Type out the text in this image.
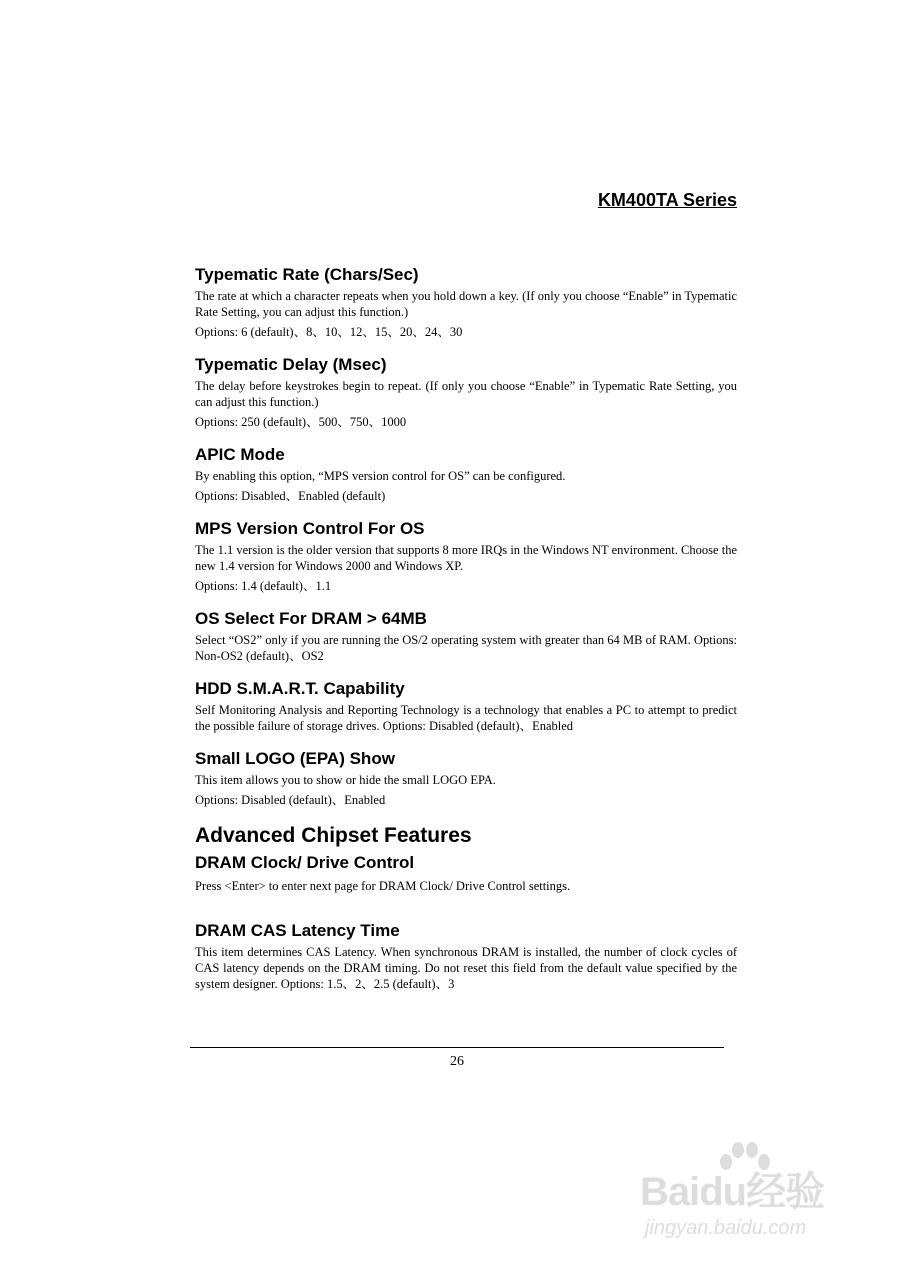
KM400TA Series
Typematic Rate (Chars/Sec)

The rate at which a character repeats when you hold down a key. (If only you choose “Enable” in Typematic Rate Setting, you can adjust this function.)

Options: 6 (default)、8、10、12、15、20、24、30

Typematic Delay (Msec)

The delay before keystrokes begin to repeat. (If only you choose “Enable” in Typematic Rate Setting, you can adjust this function.)

Options: 250 (default)、500、750、1000

APIC Mode

By enabling this option, “MPS version control for OS” can be configured.

Options: Disabled、Enabled (default)

MPS Version Control For OS

The 1.1 version is the older version that supports 8 more IRQs in the Windows NT environment. Choose the new 1.4 version for Windows 2000 and Windows XP.

Options: 1.4 (default)、1.1

OS Select For DRAM > 64MB

Select “OS2” only if you are running the OS/2 operating system with greater than 64 MB of RAM. Options: Non-OS2 (default)、OS2

HDD S.M.A.R.T. Capability

Self Monitoring Analysis and Reporting Technology is a technology that enables a PC to attempt to predict the possible failure of storage drives. Options: Disabled (default)、Enabled

Small LOGO (EPA) Show

This item allows you to show or hide the small LOGO EPA.

Options: Disabled (default)、Enabled

Advanced Chipset Features
DRAM Clock/ Drive Control

Press <Enter> to enter next page for DRAM Clock/ Drive Control settings.

DRAM CAS Latency Time

This item determines CAS Latency. When synchronous DRAM is installed, the number of clock cycles of CAS latency depends on the DRAM timing. Do not reset this field from the default value specified by the system designer. Options: 1.5、2、2.5 (default)、3

26

Baidu经验
jingyan.baidu.com
